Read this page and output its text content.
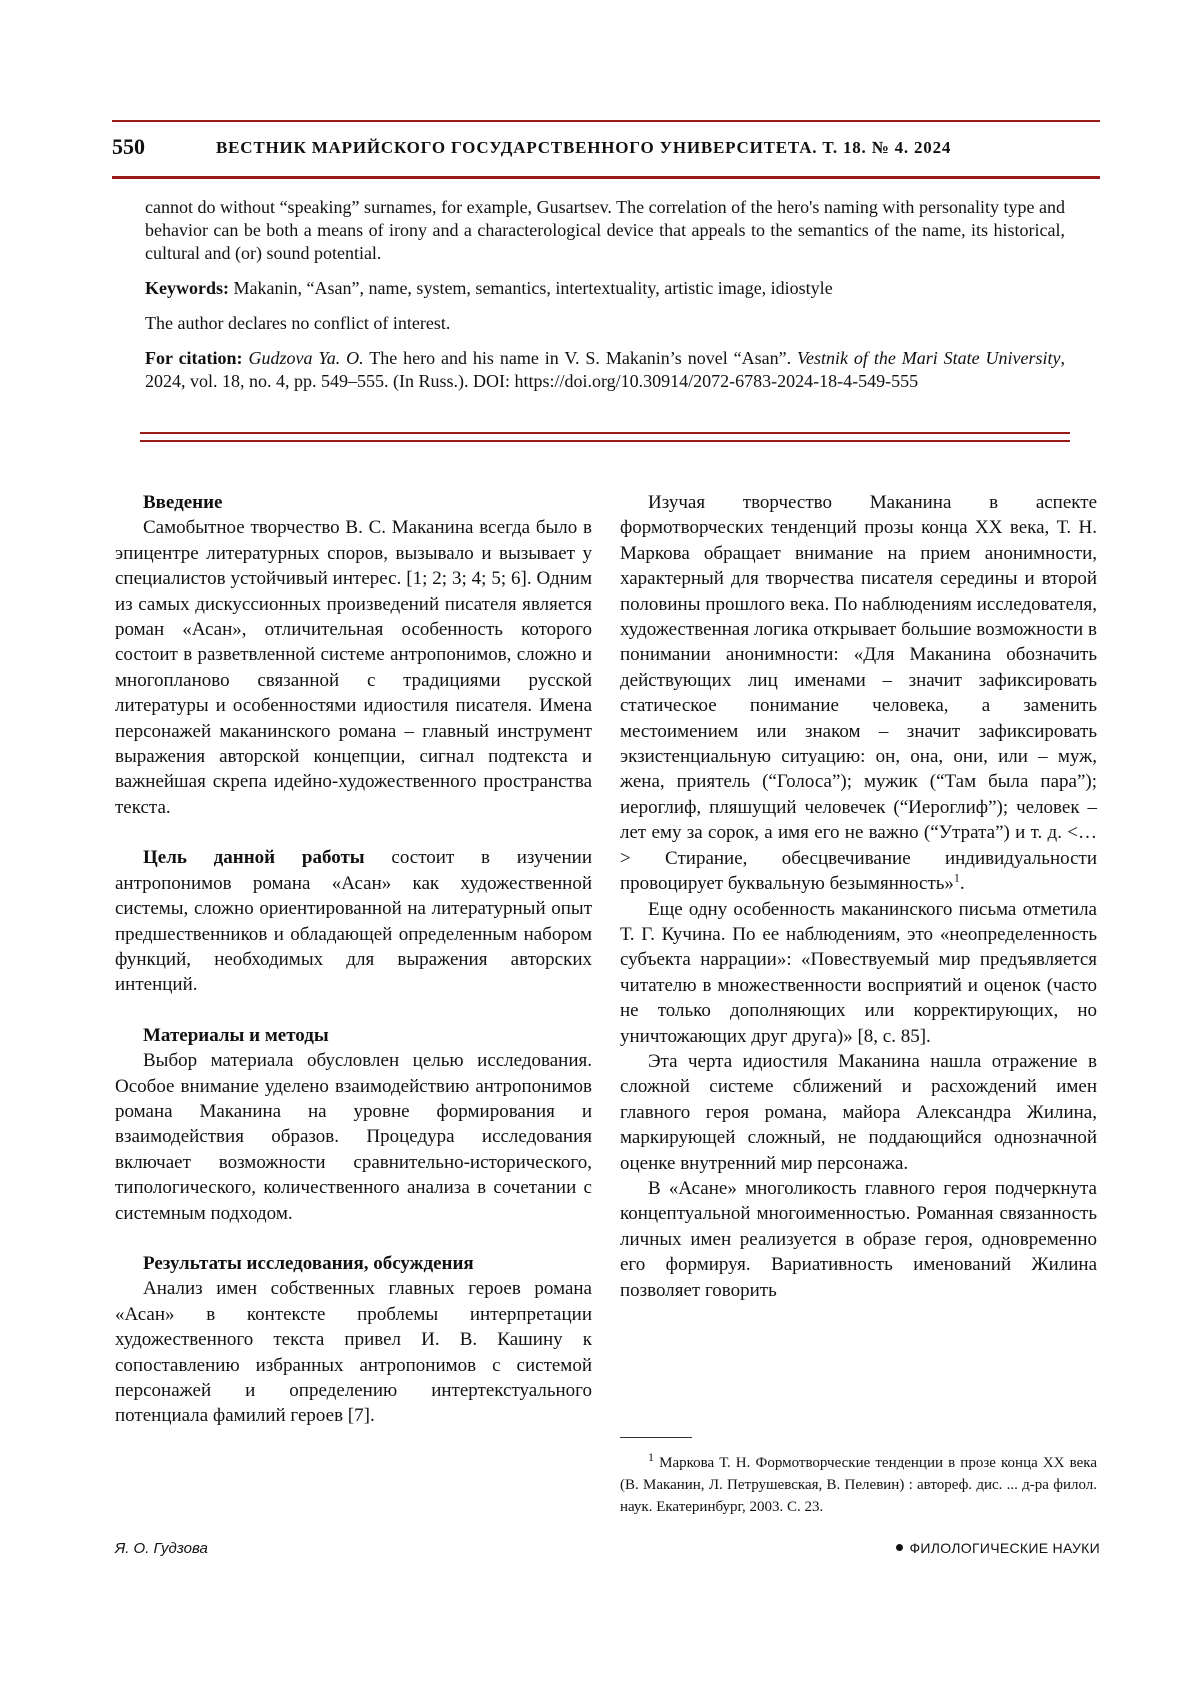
550	ВЕСТНИК МАРИЙСКОГО ГОСУДАРСТВЕННОГО УНИВЕРСИТЕТА. Т. 18. № 4. 2024

cannot do without “speaking” surnames, for example, Gusartsev. The correlation of the hero's naming with personality type and behavior can be both a means of irony and a characterological device that appeals to the semantics of the name, its historical, cultural and (or) sound potential.

Keywords: Makanin, “Asan”, name, system, semantics, intertextuality, artistic image, idiostyle

The author declares no conflict of interest.

For citation: Gudzova Ya. O. The hero and his name in V. S. Makanin’s novel “Asan”. Vestnik of the Mari State University, 2024, vol. 18, no. 4, pp. 549–555. (In Russ.). DOI: https://doi.org/10.30914/2072-6783-2024-18-4-549-555

Введение

Самобытное творчество В. С. Маканина всегда было в эпицентре литературных споров, вызывало и вызывает у специалистов устойчивый интерес. [1; 2; 3; 4; 5; 6]. Одним из самых дискуссионных произведений писателя является роман «Асан», отличительная особенность которого состоит в разветвленной системе антропонимов, сложно и многопланово связанной с традициями русской литературы и особенностями идиостиля писателя. Имена персонажей маканинского романа – главный инструмент выражения авторской концепции, сигнал подтекста и важнейшая скрепа идейно-художественного пространства текста.

Цель данной работы состоит в изучении антропонимов романа «Асан» как художественной системы, сложно ориентированной на литературный опыт предшественников и обладающей определенным набором функций, необходимых для выражения авторских интенций.

Материалы и методы

Выбор материала обусловлен целью исследования. Особое внимание уделено взаимодействию антропонимов романа Маканина на уровне формирования и взаимодействия образов. Процедура исследования включает возможности сравнительно-исторического, типологического, количественного анализа в сочетании с системным подходом.

Результаты исследования, обсуждения

Анализ имен собственных главных героев романа «Асан» в контексте проблемы интерпретации художественного текста привел И. В. Кашину к сопоставлению избранных антропонимов с системой персонажей и определению интертекстуального потенциала фамилий героев [7].

Изучая творчество Маканина в аспекте формотворческих тенденций прозы конца XX века, Т. Н. Маркова обращает внимание на прием анонимности, характерный для творчества писателя середины и второй половины прошлого века. По наблюдениям исследователя, художественная логика открывает большие возможности в понимании анонимности: «Для Маканина обозначить действующих лиц именами – значит зафиксировать статическое понимание человека, а заменить местоимением или знаком – значит зафиксировать экзистенциальную ситуацию: он, она, они, или – муж, жена, приятель (“Голоса”); мужик (“Там была пара”); иероглиф, пляшущий человечек (“Иероглиф”); человек – лет ему за сорок, а имя его не важно (“Утрата”) и т. д. <…> Стирание, обесцвечивание индивидуальности провоцирует буквальную безымянность»$^1$.

Еще одну особенность маканинского письма отметила Т. Г. Кучина. По ее наблюдениям, это «неопределенность субъекта наррации»: «Повествуемый мир предъявляется читателю в множественности восприятий и оценок (часто не только дополняющих или корректирующих, но уничтожающих друг друга)» [8, с. 85].

Эта черта идиостиля Маканина нашла отражение в сложной системе сближений и расхождений имен главного героя романа, майора Александра Жилина, маркирующей сложный, не поддающийся однозначной оценке внутренний мир персонажа.

В «Асане» многоликость главного героя подчеркнута концептуальной многоименностью. Романная связанность личных имен реализуется в образе героя, одновременно его формируя. Вариативность именований Жилина позволяет говорить

$^1$ Маркова Т. Н. Формотворческие тенденции в прозе конца XX века (В. Маканин, Л. Петрушевская, В. Пелевин) : автореф. дис. ... д-ра филол. наук. Екатеринбург, 2003. С. 23.
Я. О. Гудзова	ФИЛОЛОГИЧЕСКИЕ НАУКИ
